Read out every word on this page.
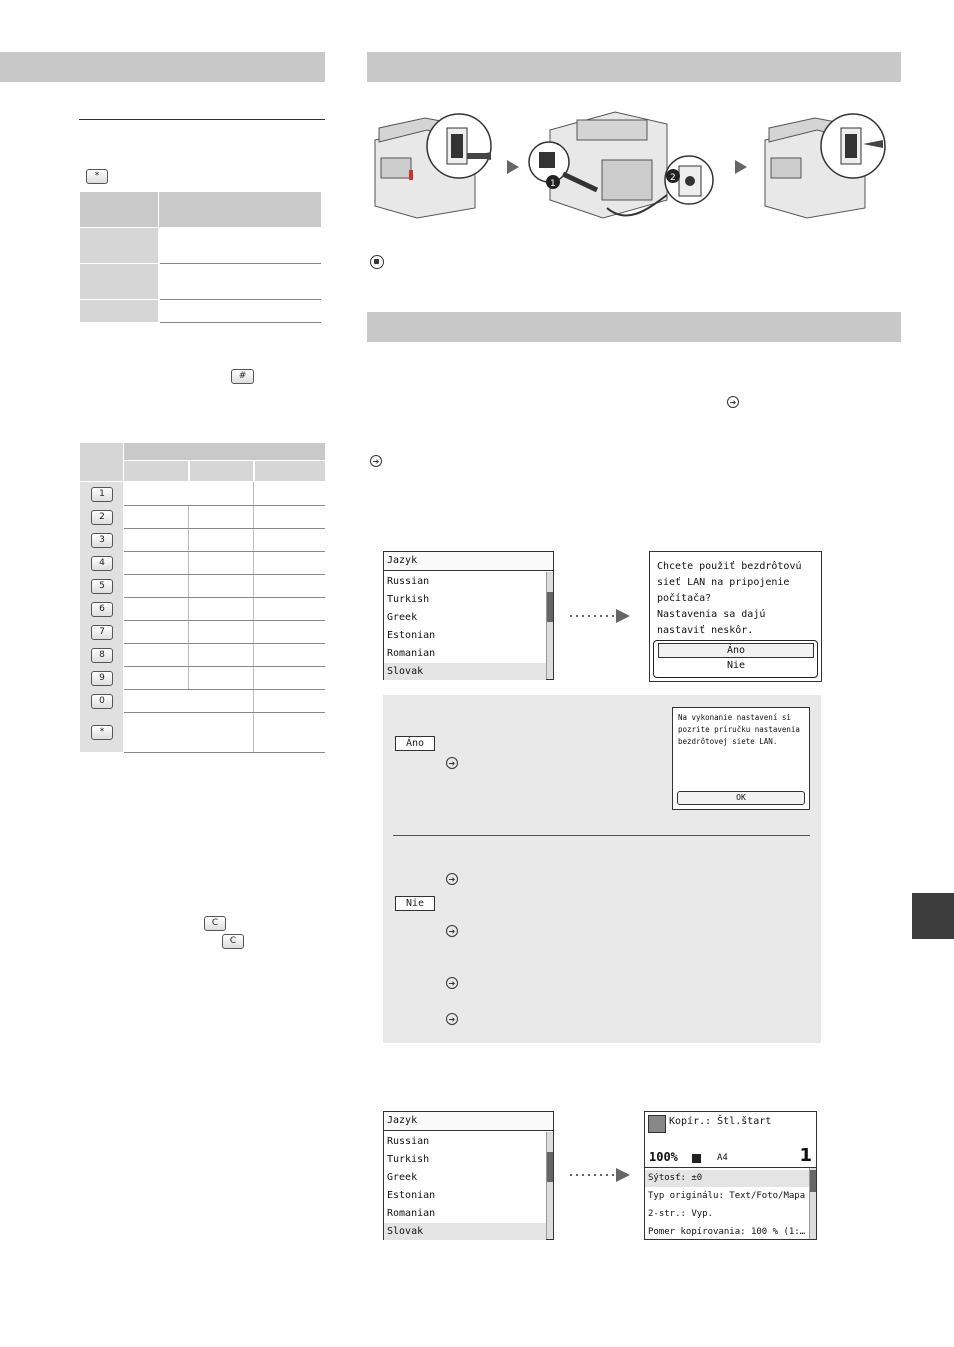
*
#
1
2
3
4
5
6
7
8
9
0
*
C
C
1
2
➔
➔
Jazyk
Russian
Turkish
Greek
Estonian
Romanian
Slovak
Chcete použiť bezdrôtovú
sieť LAN na pripojenie
počítača?
Nastavenia sa dajú
nastaviť neskôr.
Áno
Nie
Áno
➔
Na vykonanie nastavení si
pozrite príručku nastavenia
bezdrôtovej siete LAN.
OK
➔
Nie
➔
➔
➔
Jazyk
Russian
Turkish
Greek
Estonian
Romanian
Slovak
Kopír.: Štl.štart
100%	A4	1
Sýtosť: ±0
Typ originálu: Text/Foto/Mapa
2-str.: Vyp.
Pomer kopírovania: 100 % (1:…
